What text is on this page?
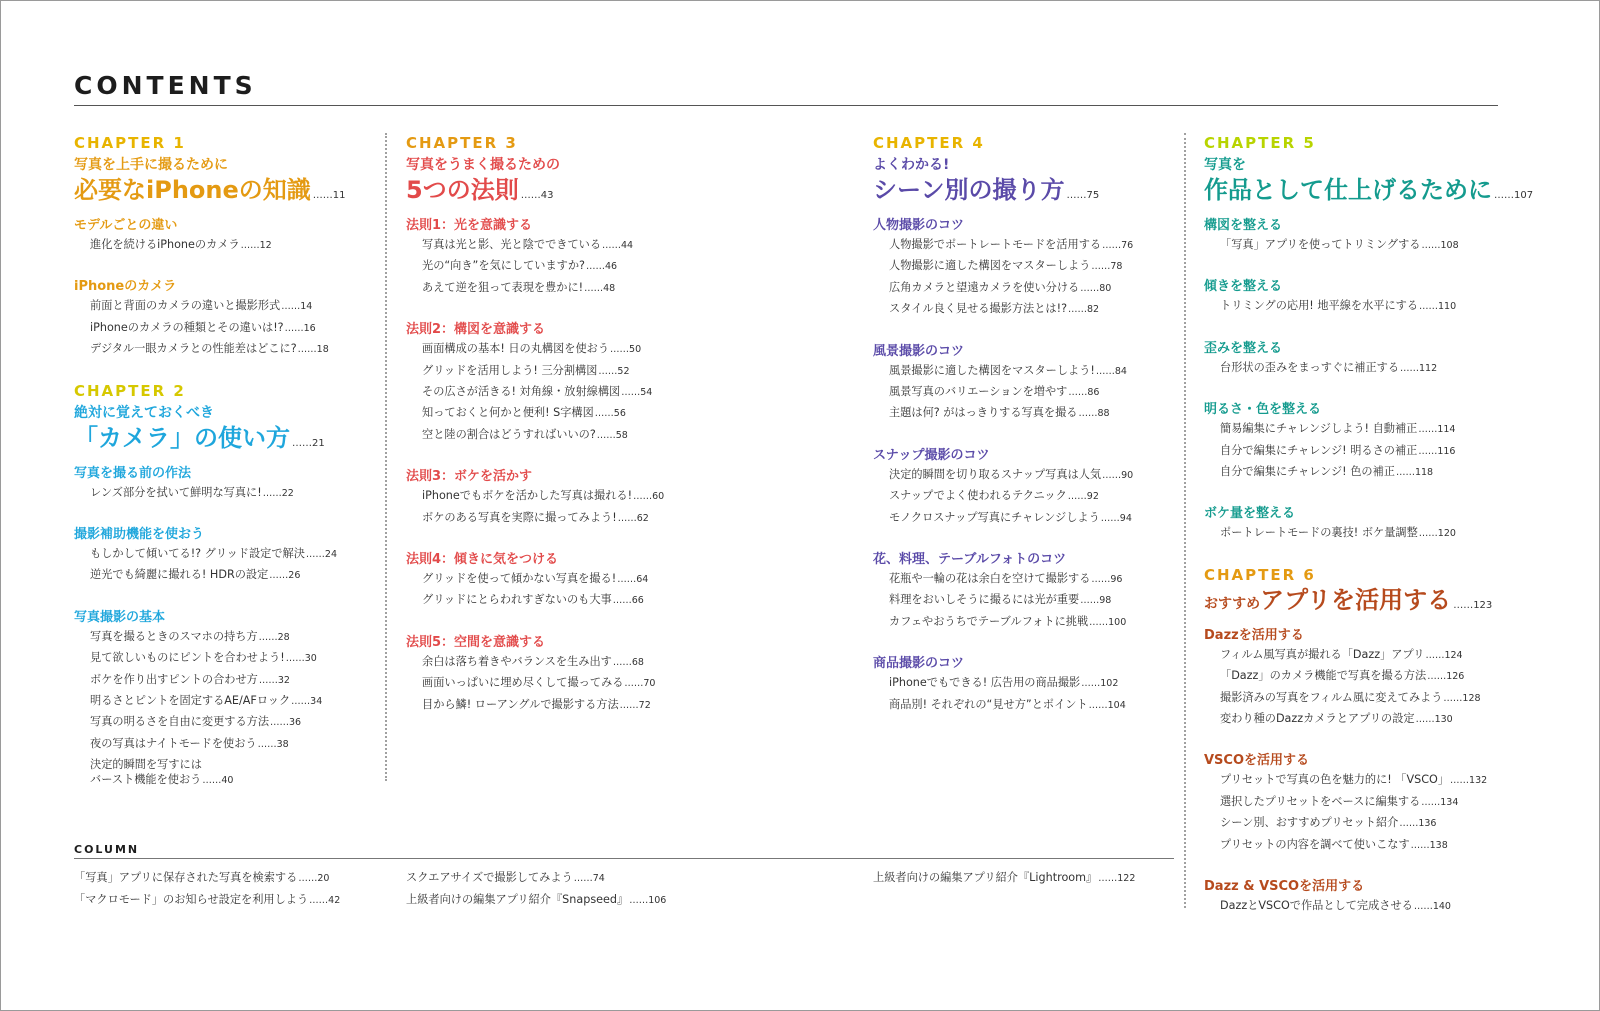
CONTENTS
CHAPTER 1
写真を上手に撮るために
必要なiPhoneの知識 ……11
モデルごとの違い
進化を続けるiPhoneのカメラ……12
iPhoneのカメラ
前面と背面のカメラの違いと撮影形式……14
iPhoneのカメラの種類とその違いは!?……16
デジタル一眼カメラとの性能差はどこに?……18
CHAPTER 2
絶対に覚えておくべき
「カメラ」の使い方 ……21
写真を撮る前の作法
レンズ部分を拭いて鮮明な写真に!……22
撮影補助機能を使おう
もしかして傾いてる!? グリッド設定で解決……24
逆光でも綺麗に撮れる! HDRの設定……26
写真撮影の基本
写真を撮るときのスマホの持ち方……28
見て欲しいものにピントを合わせよう!……30
ボケを作り出すピントの合わせ方……32
明るさとピントを固定するAE/AFロック……34
写真の明るさを自由に変更する方法……36
夜の写真はナイトモードを使おう……38
決定的瞬間を写すには
バースト機能を使おう……40
CHAPTER 3
写真をうまく撮るための
5つの法則 ……43
法則1：光を意識する
写真は光と影、光と陰でできている……44
光の“向き”を気にしていますか?……46
あえて逆を狙って表現を豊かに!……48
法則2：構図を意識する
画面構成の基本! 日の丸構図を使おう……50
グリッドを活用しよう! 三分割構図……52
その広さが活きる! 対角線・放射線構図……54
知っておくと何かと便利! S字構図……56
空と陸の割合はどうすればいいの?……58
法則3：ボケを活かす
iPhoneでもボケを活かした写真は撮れる!……60
ボケのある写真を実際に撮ってみよう!……62
法則4：傾きに気をつける
グリッドを使って傾かない写真を撮る!……64
グリッドにとらわれすぎないのも大事……66
法則5：空間を意識する
余白は落ち着きやバランスを生み出す……68
画面いっぱいに埋め尽くして撮ってみる……70
目から鱗! ローアングルで撮影する方法……72
CHAPTER 4
よくわかる!
シーン別の撮り方 ……75
人物撮影のコツ
人物撮影でポートレートモードを活用する……76
人物撮影に適した構図をマスターしよう……78
広角カメラと望遠カメラを使い分ける……80
スタイル良く見せる撮影方法とは!?……82
風景撮影のコツ
風景撮影に適した構図をマスターしよう!……84
風景写真のバリエーションを増やす……86
主題は何? がはっきりする写真を撮る……88
スナップ撮影のコツ
決定的瞬間を切り取るスナップ写真は人気……90
スナップでよく使われるテクニック……92
モノクロスナップ写真にチャレンジしよう……94
花、料理、テーブルフォトのコツ
花瓶や一輪の花は余白を空けて撮影する……96
料理をおいしそうに撮るには光が重要……98
カフェやおうちでテーブルフォトに挑戦……100
商品撮影のコツ
iPhoneでもできる! 広告用の商品撮影……102
商品別! それぞれの“見せ方”とポイント……104
CHAPTER 5
写真を
作品として仕上げるために ……107
構図を整える
「写真」アプリを使ってトリミングする……108
傾きを整える
トリミングの応用! 地平線を水平にする……110
歪みを整える
台形状の歪みをまっすぐに補正する……112
明るさ・色を整える
簡易編集にチャレンジしよう! 自動補正……114
自分で編集にチャレンジ! 明るさの補正……116
自分で編集にチャレンジ! 色の補正……118
ボケ量を整える
ポートレートモードの裏技! ボケ量調整……120
CHAPTER 6
おすすめアプリを活用する ……123
Dazzを活用する
フィルム風写真が撮れる「Dazz」アプリ……124
「Dazz」のカメラ機能で写真を撮る方法……126
撮影済みの写真をフィルム風に変えてみよう……128
変わり種のDazzカメラとアプリの設定……130
VSCOを活用する
プリセットで写真の色を魅力的に! 「VSCO」……132
選択したプリセットをベースに編集する……134
シーン別、おすすめプリセット紹介……136
プリセットの内容を調べて使いこなす……138
Dazz & VSCOを活用する
DazzとVSCOで作品として完成させる……140
COLUMN
「写真」アプリに保存された写真を検索する……20
「マクロモード」のお知らせ設定を利用しよう……42
スクエアサイズで撮影してみよう……74
上級者向けの編集アプリ紹介『Snapseed』……106
上級者向けの編集アプリ紹介『Lightroom』……122
